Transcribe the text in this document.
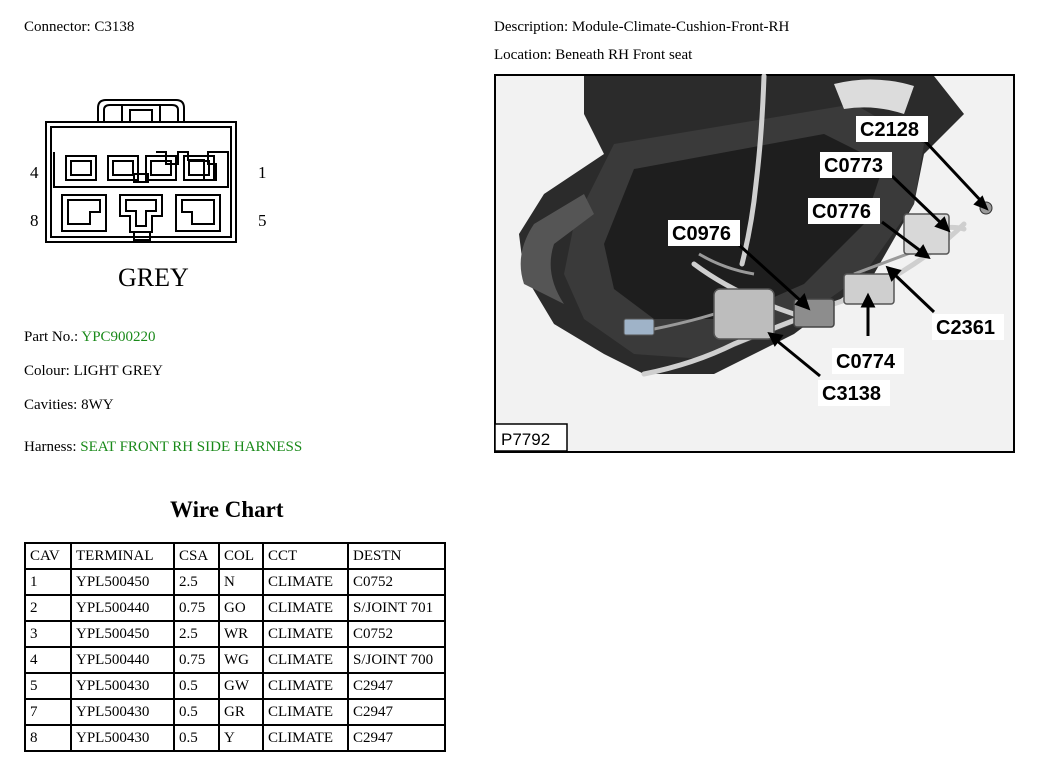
Connector: C3138	Description: Module-Climate-Cushion-Front-RH
Location: Beneath RH Front seat
4	1
8	5
GREY
C2128
C0773
C0776
C0976
C2361
C0774
C3138
P7792
Part No.: YPC900220
Colour: LIGHT GREY
Cavities: 8WY
Harness: SEAT FRONT RH SIDE HARNESS
Wire Chart
CAV	TERMINAL	CSA	COL	CCT	DESTN
1	YPL500450	2.5	N	CLIMATE	C0752
2	YPL500440	0.75	GO	CLIMATE	S/JOINT 701
3	YPL500450	2.5	WR	CLIMATE	C0752
4	YPL500440	0.75	WG	CLIMATE	S/JOINT 700
5	YPL500430	0.5	GW	CLIMATE	C2947
7	YPL500430	0.5	GR	CLIMATE	C2947
8	YPL500430	0.5	Y	CLIMATE	C2947
